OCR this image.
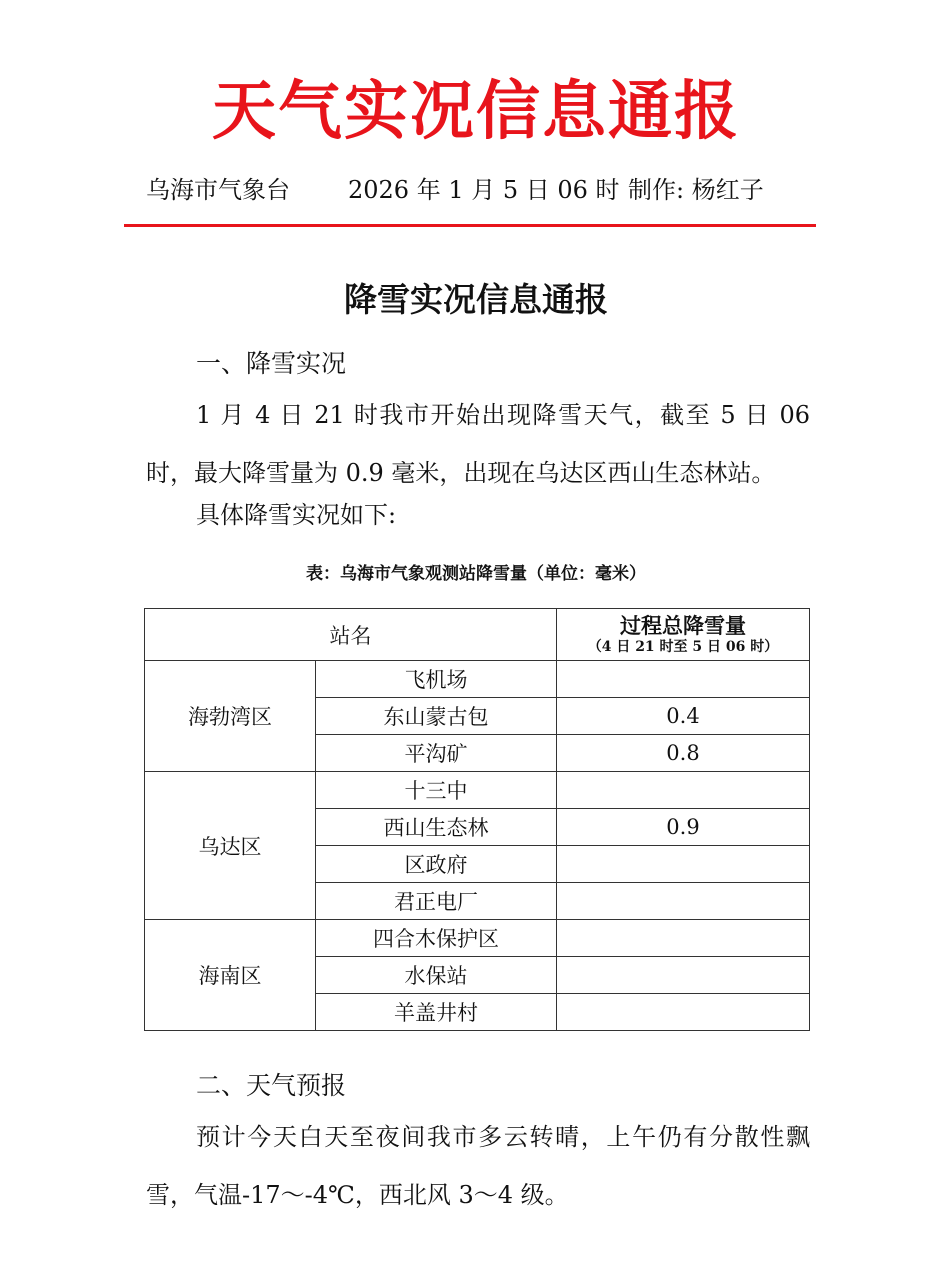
天气实况信息通报
乌海市气象台 2026 年 1 月 5 日 06 时 制作: 杨红子
降雪实况信息通报
一、降雪实况
1 月 4 日 21 时我市开始出现降雪天气，截至 5 日 06 时，最大降雪量为 0.9 毫米，出现在乌达区西山生态林站。
具体降雪实况如下:
表：乌海市气象观测站降雪量（单位：毫米）
站名		过程总降雪量
（4 日 21 时至 5 日 06 时）

海勃湾区	飞机场	
	东山蒙古包	0.4
	平沟矿	0.8
乌达区	十三中	
	西山生态林	0.9
	区政府	
	君正电厂	
海南区	四合木保护区	
	水保站	
	羊盖井村	
二、天气预报
预计今天白天至夜间我市多云转晴，上午仍有分散性飘雪，气温-17～-4℃，西北风 3～4 级。
